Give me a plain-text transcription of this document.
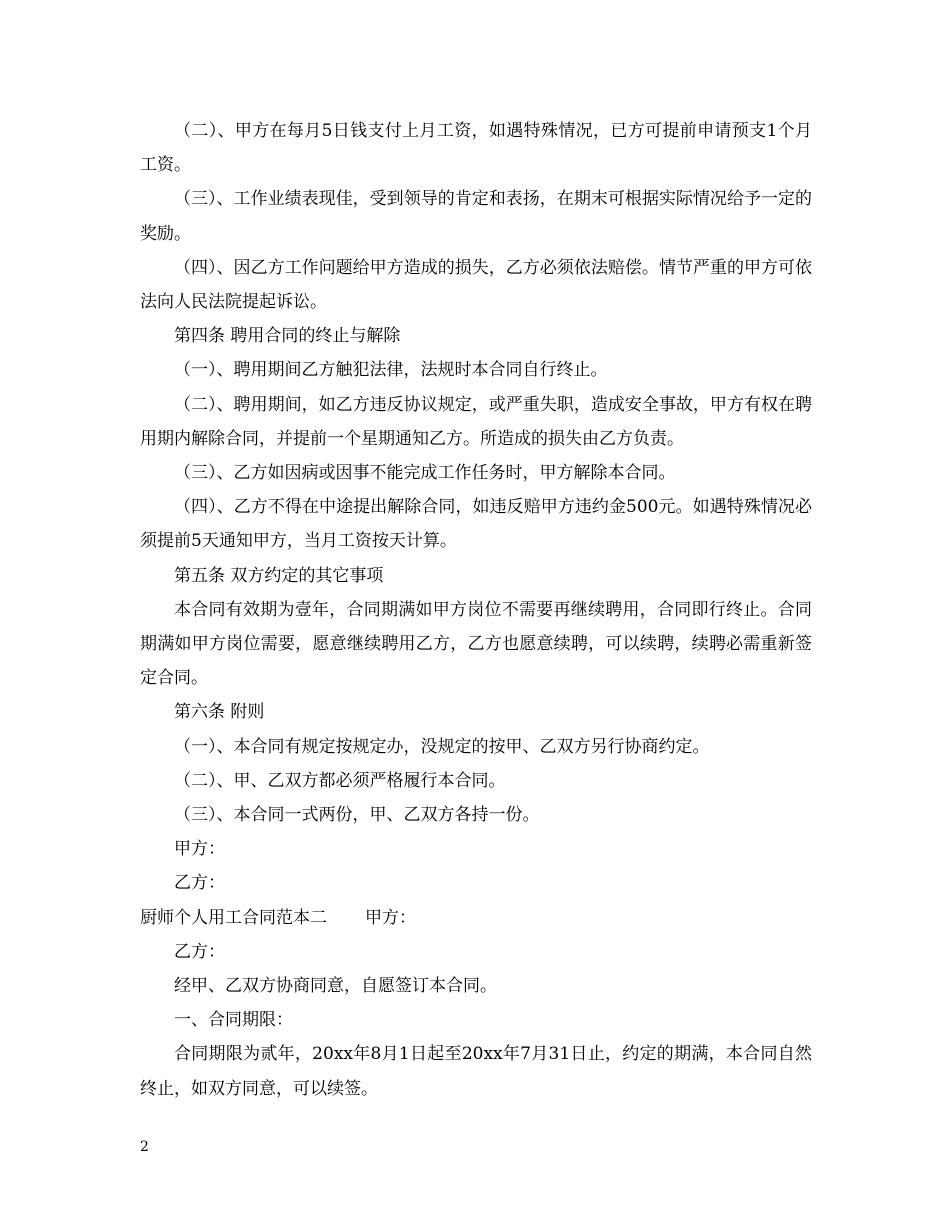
（二）、甲方在每月5日钱支付上月工资，如遇特殊情况，已方可提前申请预支1个月工资。

（三）、工作业绩表现佳，受到领导的肯定和表扬，在期末可根据实际情况给予一定的奖励。

（四）、因乙方工作问题给甲方造成的损失，乙方必须依法赔偿。情节严重的甲方可依法向人民法院提起诉讼。

第四条 聘用合同的终止与解除

（一）、聘用期间乙方触犯法律，法规时本合同自行终止。

（二）、聘用期间，如乙方违反协议规定，或严重失职，造成安全事故，甲方有权在聘用期内解除合同，并提前一个星期通知乙方。所造成的损失由乙方负责。

（三）、乙方如因病或因事不能完成工作任务时，甲方解除本合同。

（四）、乙方不得在中途提出解除合同，如违反赔甲方违约金500元。如遇特殊情况必须提前5天通知甲方，当月工资按天计算。

第五条 双方约定的其它事项

本合同有效期为壹年，合同期满如甲方岗位不需要再继续聘用，合同即行终止。合同期满如甲方岗位需要，愿意继续聘用乙方，乙方也愿意续聘，可以续聘，续聘必需重新签定合同。

第六条 附则

（一）、本合同有规定按规定办，没规定的按甲、乙双方另行协商约定。

（二）、甲、乙双方都必须严格履行本合同。

（三）、本合同一式两份，甲、乙双方各持一份。

甲方：

乙方：

厨师个人用工合同范本二 甲方：

乙方：

经甲、乙双方协商同意，自愿签订本合同。

一、合同期限：

合同期限为贰年，20xx年8月1日起至20xx年7月31日止，约定的期满，本合同自然终止，如双方同意，可以续签。

2
